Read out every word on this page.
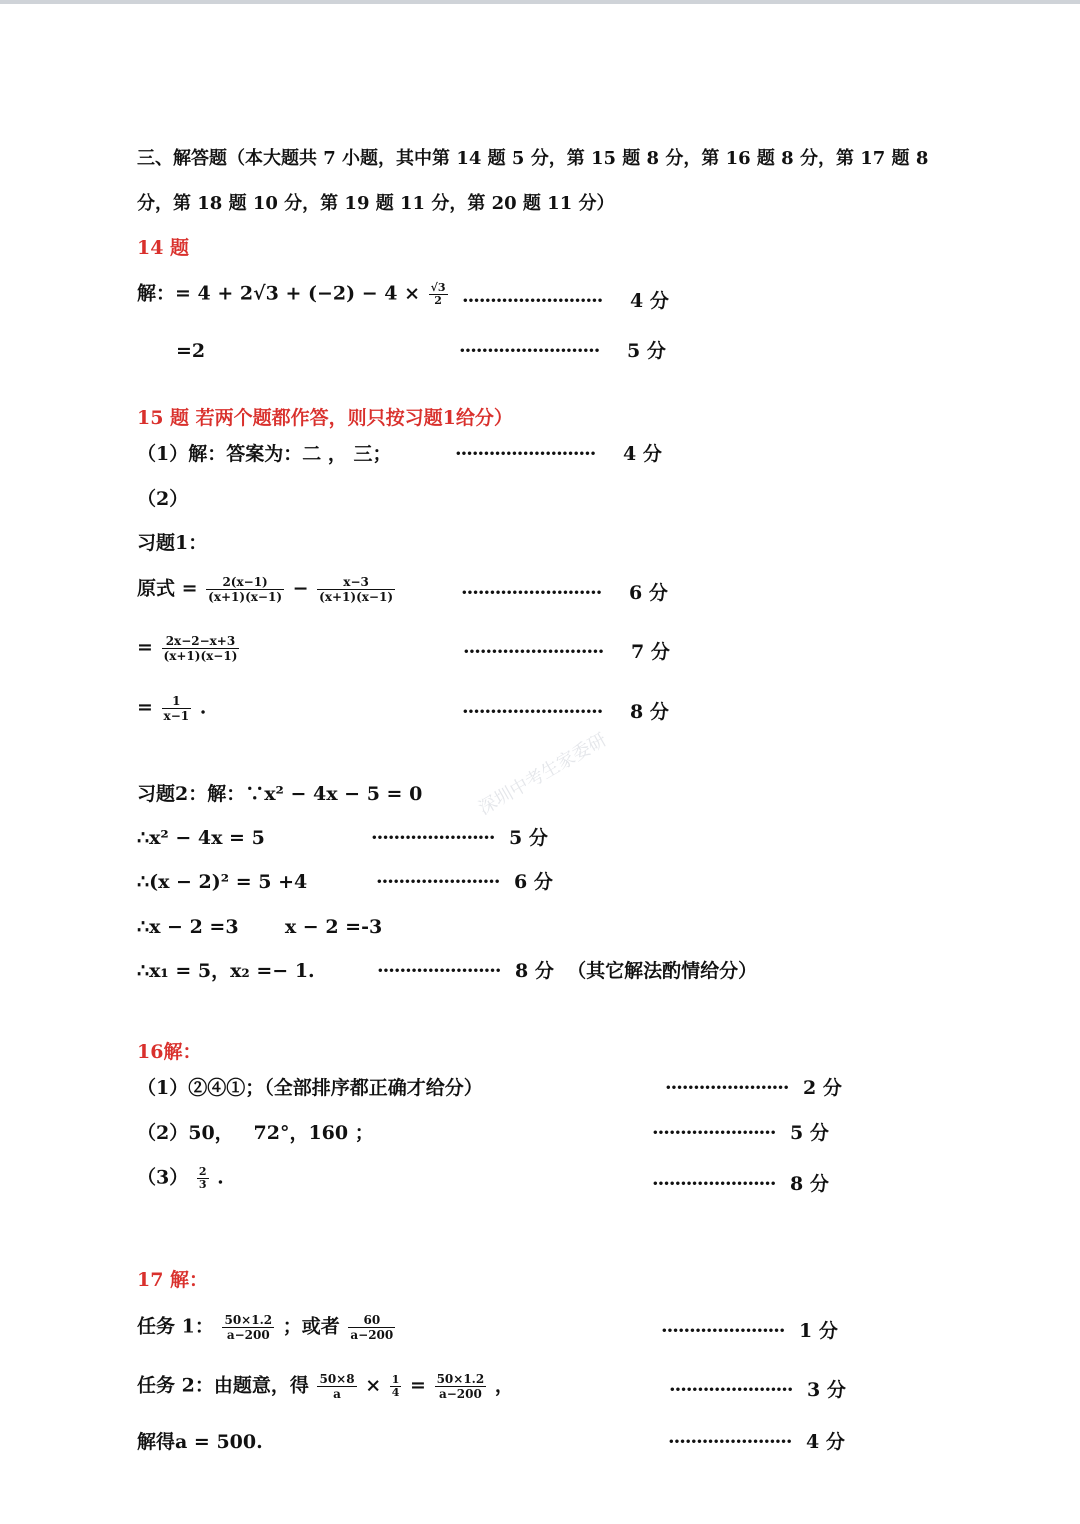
深圳中考生家委研
三、解答题（本大题共 7 小题，其中第 14 题 5 分，第 15 题 8 分，第 16 题 8 分，第 17 题 8
分，第 18 题 10 分，第 19 题 11 分，第 20 题 11 分）
14 题
解：= $4 + 2√3 + (-2) - 4 \times \frac{√3}{2}$ ························· 4 分
=2	························· 5 分
15 题 若两个题都作答，则只按习题1给分）
（1）解：答案为：二 ， 三；	························· 4 分
（2）
习题1：
原式 = $\frac{2(x-1)}{(x+1)(x-1)} - \frac{x-3}{(x+1)(x-1)}$	························· 6 分
= $\frac{2x-2-x+3}{(x+1)(x-1)}$	························· 7 分
= $\frac{1}{x-1}$ .	························· 8 分
习题2：解：∵x² − 4x − 5 = 0
∴x² − 4x = 5	······················ 5 分
∴(x − 2)² = 5 +4	······················ 6 分
∴x − 2 =3       x − 2 =-3
∴x₁ = 5，x₂ =− 1.	······················ 8 分  （其它解法酌情给分）
16解：
（1）②④①；（全部排序都正确才给分）	······················ 2 分
（2）50，   72°，160 ；	······················ 5 分
$(3) \frac{2}{3}$ .	······················ 8 分
17 解：
任务 1： $\frac{50\times 1.2}{a-200}$ ；或者 $\frac{60}{a-200}$	······················ 1 分
任务 2：由题意，得 $\frac{50\times 8}{a} \times \frac{1}{4} = \frac{50\times 1.2}{a-200}$ ，	······················ 3 分
解得a = 500.	······················ 4 分
